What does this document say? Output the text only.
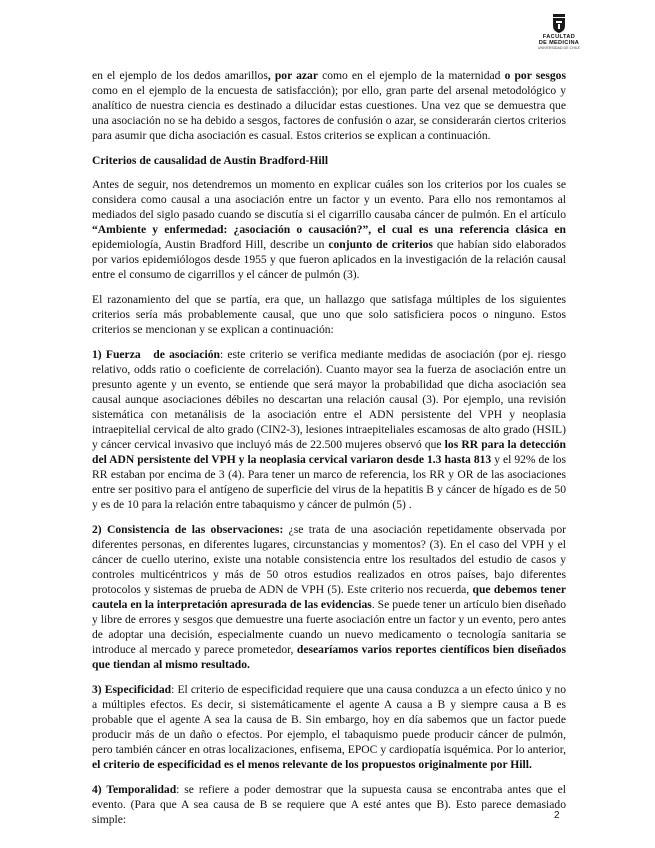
FACULTAD
DE MEDICINA
UNIVERSIDAD DE CHILE

en el ejemplo de los dedos amarillos, por azar como en el ejemplo de la maternidad o por sesgos como en el ejemplo de la encuesta de satisfacción); por ello, gran parte del arsenal metodológico y analítico de nuestra ciencia es destinado a dilucidar estas cuestiones. Una vez que se demuestra que una asociación no se ha debido a sesgos, factores de confusión o azar, se considerarán ciertos criterios para asumir que dicha asociación es casual. Estos criterios se explican a continuación.

Criterios de causalidad de Austin Bradford-Hill

Antes de seguir, nos detendremos un momento en explicar cuáles son los criterios por los cuales se considera como causal a una asociación entre un factor y un evento. Para ello nos remontamos al mediados del siglo pasado cuando se discutía si el cigarrillo causaba cáncer de pulmón. En el artículo “Ambiente y enfermedad: ¿asociación o causación?”, el cual es una referencia clásica en epidemiología, Austin Bradford Hill, describe un conjunto de criterios que habían sido elaborados por varios epidemiólogos desde 1955 y que fueron aplicados en la investigación de la relación causal entre el consumo de cigarrillos y el cáncer de pulmón (3).

El razonamiento del que se partía, era que, un hallazgo que satisfaga múltiples de los siguientes criterios sería más probablemente causal, que uno que solo satisficiera pocos o ninguno. Estos criterios se mencionan y se explican a continuación:

1) Fuerza   de asociación: este criterio se verifica mediante medidas de asociación (por ej. riesgo relativo, odds ratio o coeficiente de correlación). Cuanto mayor sea la fuerza de asociación entre un presunto agente y un evento, se entiende que será mayor la probabilidad que dicha asociación sea causal aunque asociaciones débiles no descartan una relación causal (3). Por ejemplo, una revisión sistemática con metanálisis de la asociación entre el ADN persistente del VPH y neoplasia intraepitelial cervical de alto grado (CIN2-3), lesiones intraepiteliales escamosas de alto grado (HSIL) y cáncer cervical invasivo que incluyó más de 22.500 mujeres observó que los RR para la detección del ADN persistente del VPH y la neoplasia cervical variaron desde 1.3 hasta 813 y el 92% de los RR estaban por encima de 3 (4). Para tener un marco de referencia, los RR y OR de las asociaciones entre ser positivo para el antígeno de superficie del virus de la hepatitis B y cáncer de hígado es de 50 y es de 10 para la relación entre tabaquismo y cáncer de pulmón (5) .

2) Consistencia de las observaciones: ¿se trata de una asociación repetidamente observada por diferentes personas, en diferentes lugares, circunstancias y momentos? (3). En el caso del VPH y el cáncer de cuello uterino, existe una notable consistencia entre los resultados del estudio de casos y controles multicéntricos y más de 50 otros estudios realizados en otros países, bajo diferentes protocolos y sistemas de prueba de ADN de VPH (5). Este criterio nos recuerda, que debemos tener cautela en la interpretación apresurada de las evidencias. Se puede tener un artículo bien diseñado y libre de errores y sesgos que demuestre una fuerte asociación entre un factor y un evento, pero antes de adoptar una decisión, especialmente cuando un nuevo medicamento o tecnología sanitaria se introduce al mercado y parece prometedor, desearíamos varios reportes científicos bien diseñados que tiendan al mismo resultado.

3) Especificidad: El criterio de especificidad requiere que una causa conduzca a un efecto único y no a múltiples efectos. Es decir, si sistemáticamente el agente A causa a B y siempre causa a B es probable que el agente A sea la causa de B. Sin embargo, hoy en día sabemos que un factor puede producir más de un daño o efectos. Por ejemplo, el tabaquismo puede producir cáncer de pulmón, pero también cáncer en otras localizaciones, enfisema, EPOC y cardiopatía isquémica. Por lo anterior, el criterio de especificidad es el menos relevante de los propuestos originalmente por Hill.

4) Temporalidad: se refiere a poder demostrar que la supuesta causa se encontraba antes que el evento. (Para que A sea causa de B se requiere que A esté antes que B). Esto parece demasiado simple:	2
